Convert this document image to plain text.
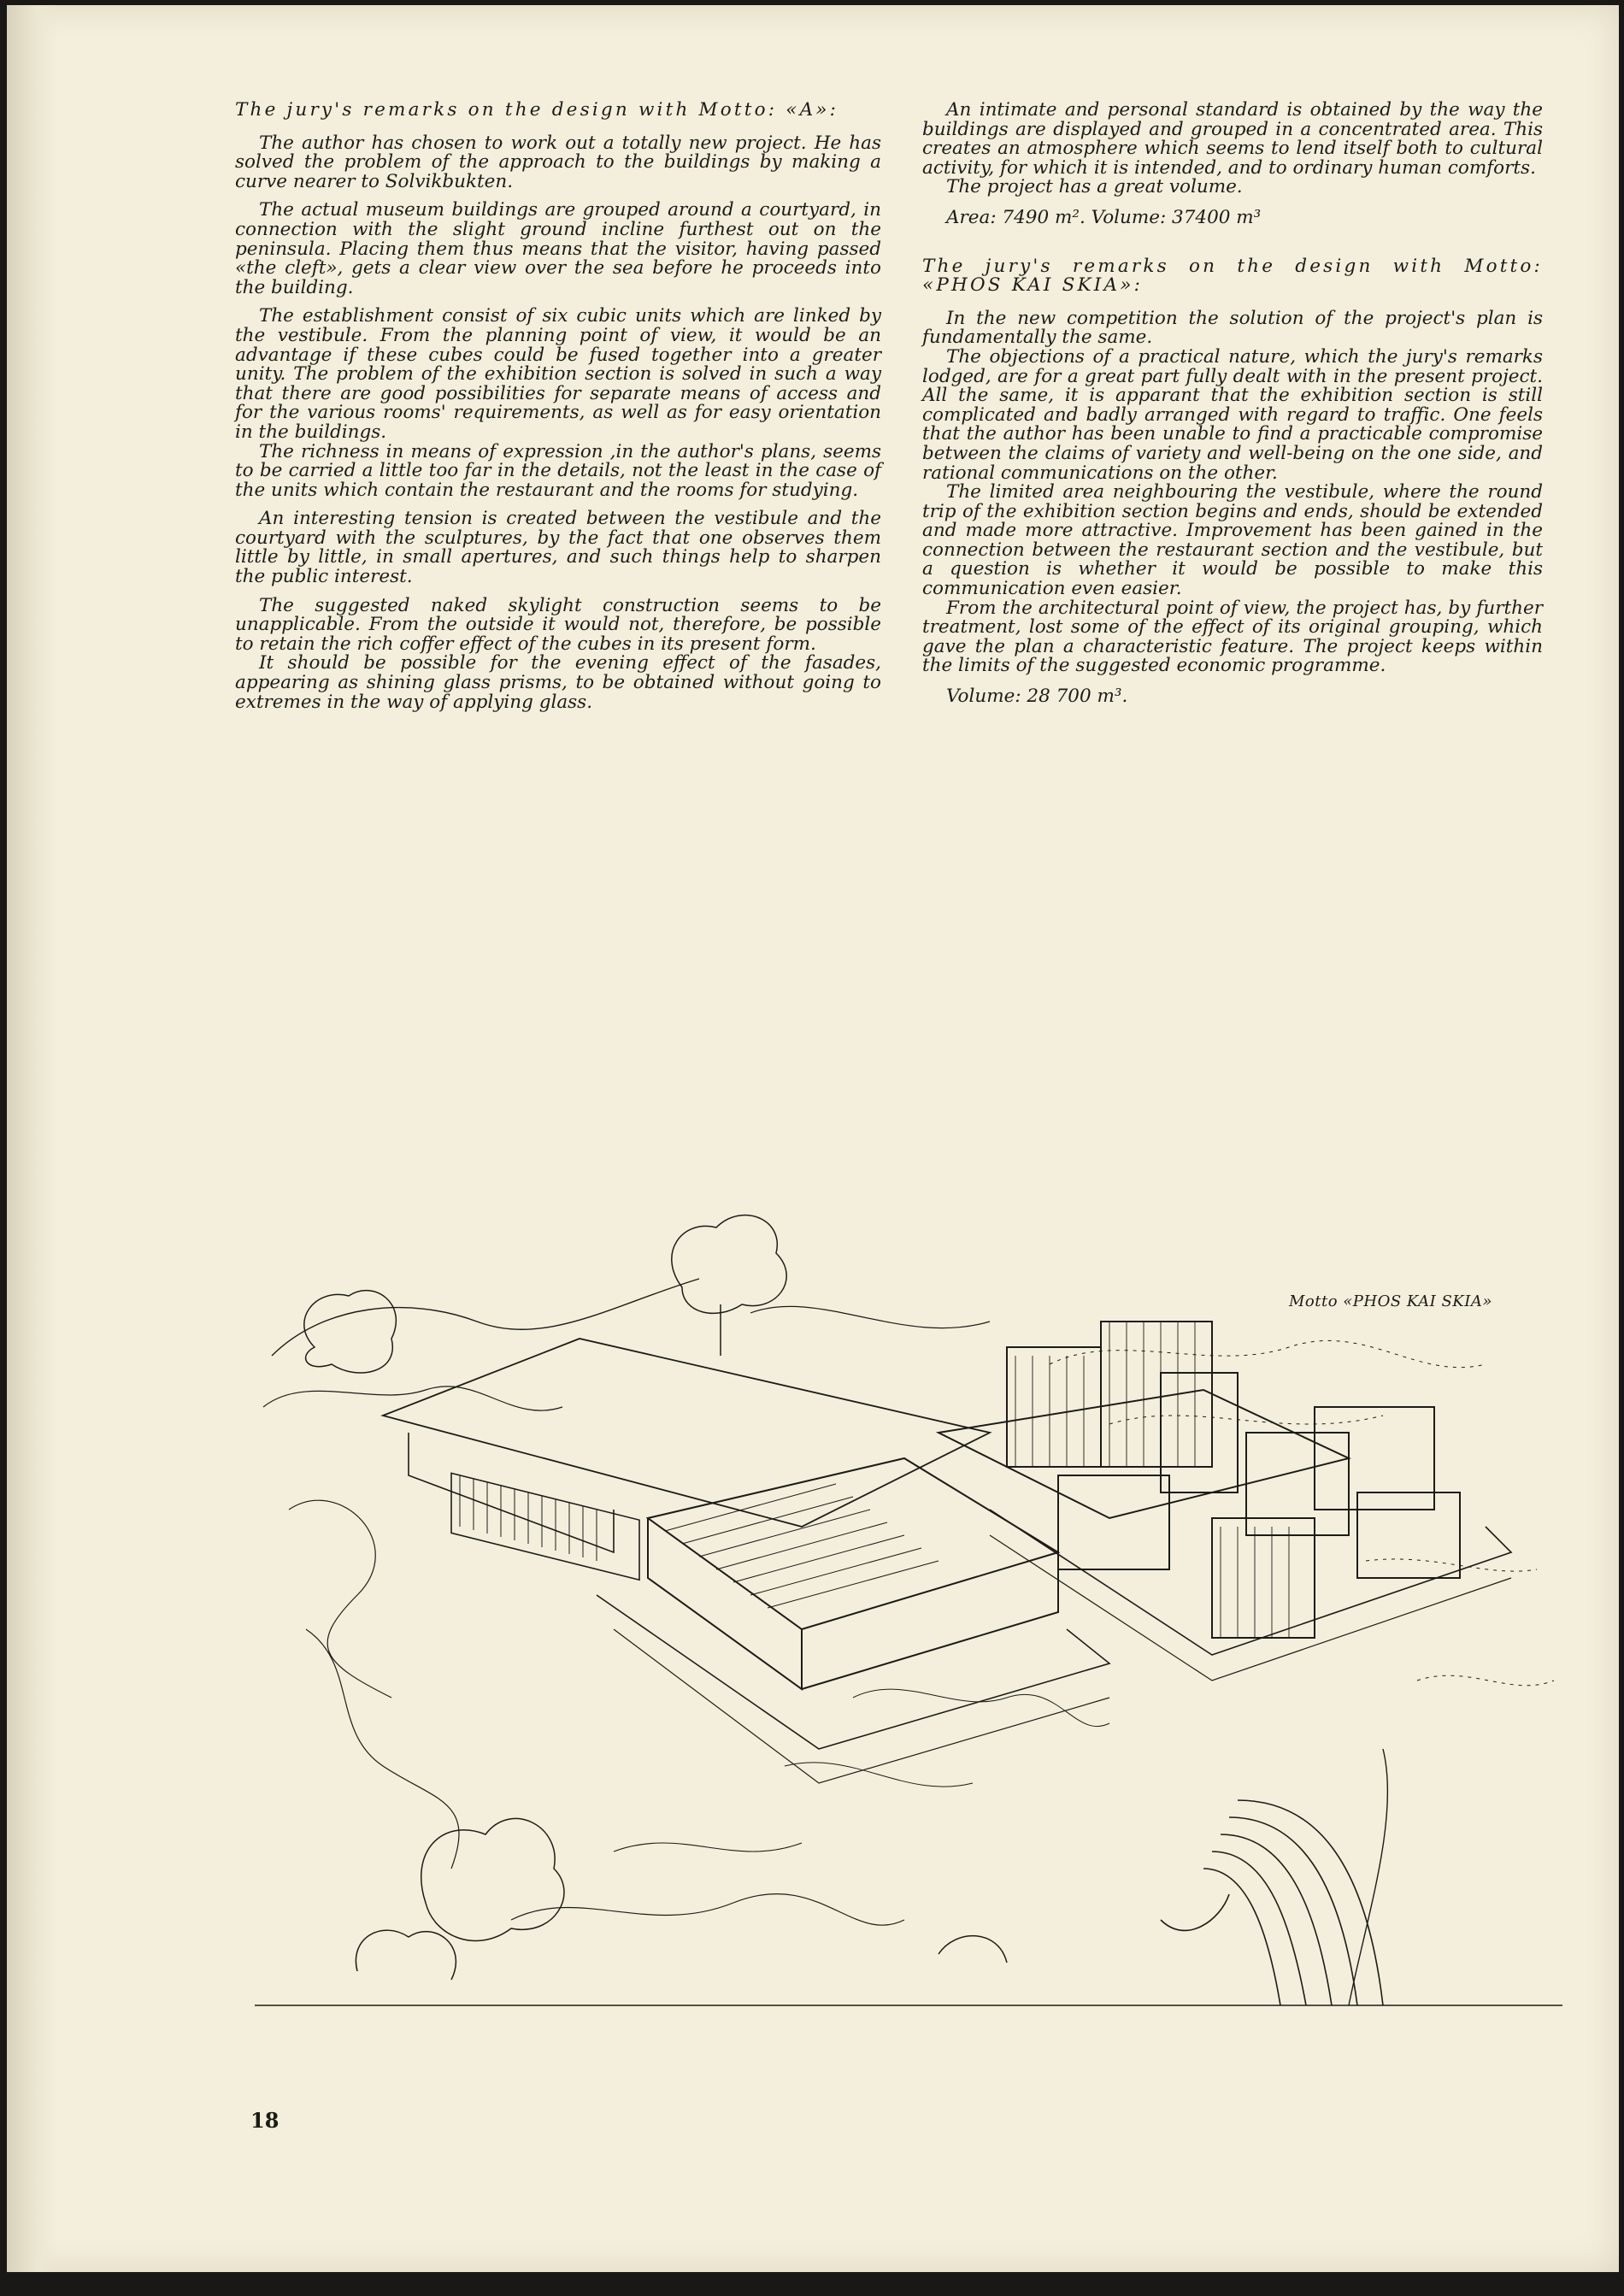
The jury's remarks on the design with Motto: «A»:

The author has chosen to work out a totally new project. He has solved the problem of the approach to the buildings by making a curve nearer to Solvikbukten.

The actual museum buildings are grouped around a courtyard, in connection with the slight ground incline furthest out on the peninsula. Placing them thus means that the visitor, having passed «the cleft», gets a clear view over the sea before he proceeds into the building.

The establishment consist of six cubic units which are linked by the vestibule. From the planning point of view, it would be an advantage if these cubes could be fused together into a greater unity. The problem of the exhibition section is solved in such a way that there are good possibilities for separate means of access and for the various rooms' requirements, as well as for easy orientation in the buildings.

The richness in means of expression ,in the author's plans, seems to be carried a little too far in the details, not the least in the case of the units which contain the restaurant and the rooms for studying.

An interesting tension is created between the vestibule and the courtyard with the sculptures, by the fact that one observes them little by little, in small apertures, and such things help to sharpen the public interest.

The suggested naked skylight construction seems to be unapplicable. From the outside it would not, therefore, be possible to retain the rich coffer effect of the cubes in its present form.

It should be possible for the evening effect of the fasades, appearing as shining glass prisms, to be obtained without going to extremes in the way of applying glass.

An intimate and personal standard is obtained by the way the buildings are displayed and grouped in a concentrated area. This creates an atmosphere which seems to lend itself both to cultural activity, for which it is intended, and to ordinary human comforts.

The project has a great volume.

Area: 7490 m². Volume: 37400 m³

The jury's remarks on the design with Motto: «PHOS KAI SKIA»:

In the new competition the solution of the project's plan is fundamentally the same.

The objections of a practical nature, which the jury's remarks lodged, are for a great part fully dealt with in the present project. All the same, it is apparant that the exhibition section is still complicated and badly arranged with regard to traffic. One feels that the author has been unable to find a practicable compromise between the claims of variety and well-being on the one side, and rational communications on the other.

The limited area neighbouring the vestibule, where the round trip of the exhibition section begins and ends, should be extended and made more attractive. Improvement has been gained in the connection between the restaurant section and the vestibule, but a question is whether it would be possible to make this communication even easier.

From the architectural point of view, the project has, by further treatment, lost some of the effect of its original grouping, which gave the plan a characteristic feature. The project keeps within the limits of the suggested economic programme.

Volume: 28 700 m³.

Motto «PHOS KAI SKIA»
18
